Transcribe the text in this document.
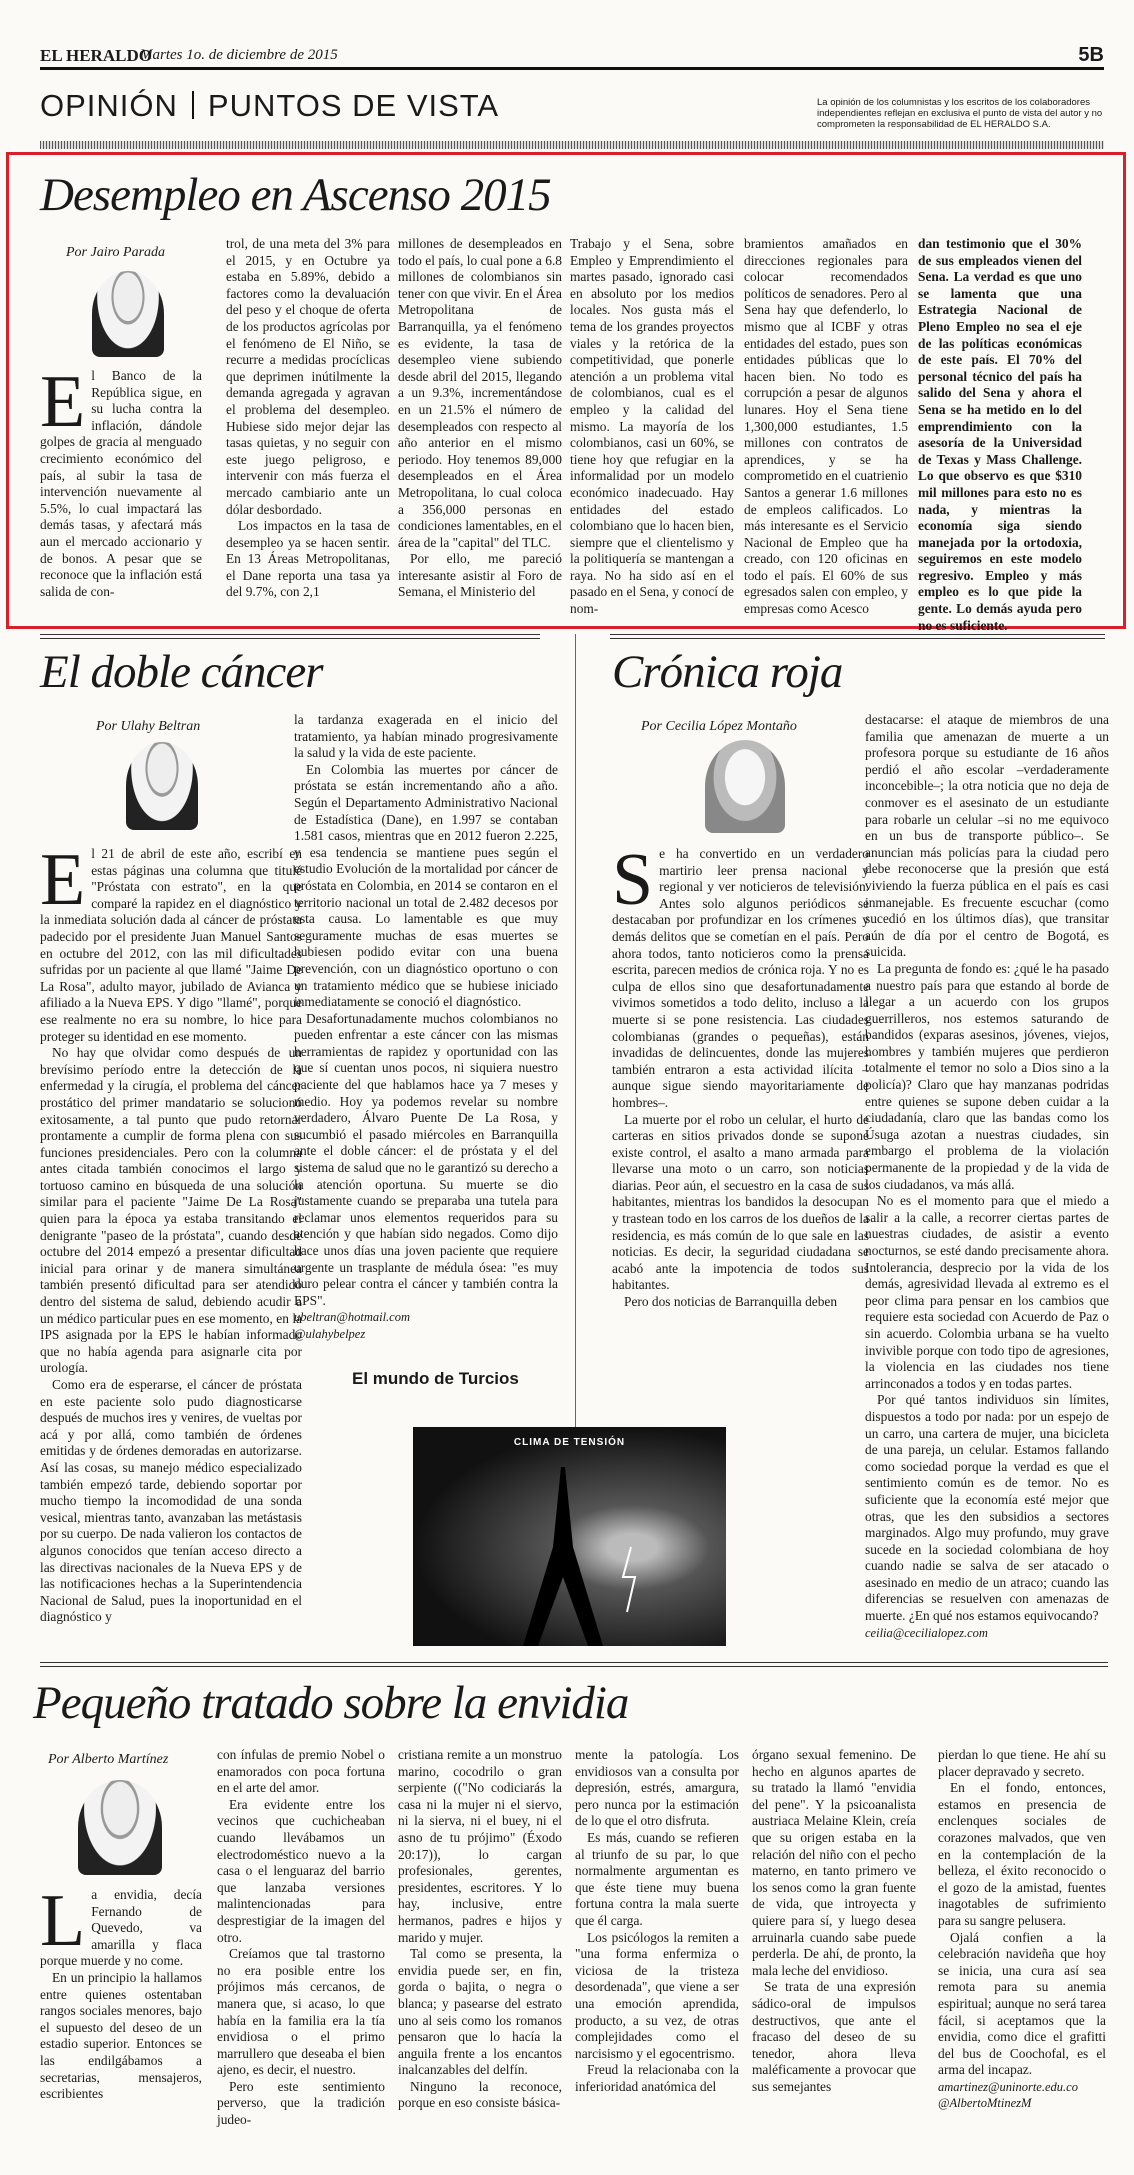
EL HERALDO
Martes 1o. de diciembre de 2015	5B
OPINIÓN PUNTOS DE VISTA	La opinión de los columnistas y los escritos de los colaboradores independientes reflejan en exclusiva el punto de vista del autor y no comprometen la responsabilidad de EL HERALDO S.A.
Desempleo en Ascenso 2015
Por Jairo Parada

El Banco de la República sigue, en su lucha contra la inflación, dándole golpes de gracia al menguado crecimiento económico del país, al subir la tasa de intervención nuevamente al 5.5%, lo cual impactará las demás tasas, y afectará más aun el mercado accionario y de bonos. A pesar que se reconoce que la inflación está salida de con-

trol, de una meta del 3% para el 2015, y en Octubre ya estaba en 5.89%, debido a factores como la devaluación del peso y el choque de oferta de los productos agrícolas por el fenómeno de El Niño, se recurre a medidas procíclicas que deprimen inútilmente la demanda agregada y agravan el problema del desempleo. Hubiese sido mejor dejar las tasas quietas, y no seguir con este juego peligroso, e intervenir con más fuerza el mercado cambiario ante un dólar desbordado.

Los impactos en la tasa de desempleo ya se hacen sentir. En 13 Áreas Metropolitanas, el Dane reporta una tasa ya del 9.7%, con 2,1

millones de desempleados en todo el país, lo cual pone a 6.8 millones de colombianos sin tener con que vivir. En el Área Metropolitana de Barranquilla, ya el fenómeno es evidente, la tasa de desempleo viene subiendo desde abril del 2015, llegando a un 9.3%, incrementándose en un 21.5% el número de desempleados con respecto al año anterior en el mismo periodo. Hoy tenemos 89,000 desempleados en el Área Metropolitana, lo cual coloca a 356,000 personas en condiciones lamentables, en el área de la "capital" del TLC.

Por ello, me pareció interesante asistir al Foro de Semana, el Ministerio del

Trabajo y el Sena, sobre Empleo y Emprendimiento el martes pasado, ignorado casi en absoluto por los medios locales. Nos gusta más el tema de los grandes proyectos viales y la retórica de la competitividad, que ponerle atención a un problema vital de colombianos, cual es el empleo y la calidad del mismo. La mayoría de los colombianos, casi un 60%, se tiene hoy que refugiar en la informalidad por un modelo económico inadecuado. Hay entidades del estado colombiano que lo hacen bien, siempre que el clientelismo y la politiquería se mantengan a raya. No ha sido así en el pasado en el Sena, y conocí de nom-

bramientos amañados en direcciones regionales para colocar recomendados políticos de senadores. Pero al Sena hay que defenderlo, lo mismo que al ICBF y otras entidades del estado, pues son entidades públicas que lo hacen bien. No todo es corrupción a pesar de algunos lunares. Hoy el Sena tiene 1,300,000 estudiantes, 1.5 millones con contratos de aprendices, y se ha comprometido en el cuatrienio Santos a generar 1.6 millones de empleos calificados. Lo más interesante es el Servicio Nacional de Empleo que ha creado, con 120 oficinas en todo el país. El 60% de sus egresados salen con empleo, y empresas como Acesco

dan testimonio que el 30% de sus empleados vienen del Sena. La verdad es que uno se lamenta que una Estrategia Nacional de Pleno Empleo no sea el eje de las políticas económicas de este país. El 70% del personal técnico del país ha salido del Sena y ahora el Sena se ha metido en lo del emprendimiento con la asesoría de la Universidad de Texas y Mass Challenge. Lo que observo es que $310 mil millones para esto no es nada, y mientras la economía siga siendo manejada por la ortodoxia, seguiremos en este modelo regresivo. Empleo y más empleo es lo que pide la gente. Lo demás ayuda pero no es suficiente.

El doble cáncer
Por Ulahy Beltran

El 21 de abril de este año, escribí en estas páginas una columna que titulé "Próstata con estrato", en la que comparé la rapidez en el diagnóstico y la inmediata solución dada al cáncer de próstata padecido por el presidente Juan Manuel Santos en octubre del 2012, con las mil dificultades sufridas por un paciente al que llamé "Jaime De La Rosa", adulto mayor, jubilado de Avianca y afiliado a la Nueva EPS. Y digo "llamé", porque ese realmente no era su nombre, lo hice para proteger su identidad en ese momento.

No hay que olvidar como después de un brevísimo período entre la detección de la enfermedad y la cirugía, el problema del cáncer prostático del primer mandatario se solucionó exitosamente, a tal punto que pudo retornar prontamente a cumplir de forma plena con sus funciones presidenciales. Pero con la columna antes citada también conocimos el largo y tortuoso camino en búsqueda de una solución similar para el paciente "Jaime De La Rosa" quien para la época ya estaba transitando el denigrante "paseo de la próstata", cuando desde octubre del 2014 empezó a presentar dificultad inicial para orinar y de manera simultánea también presentó dificultad para ser atendido dentro del sistema de salud, debiendo acudir a un médico particular pues en ese momento, en la IPS asignada por la EPS le habían informado que no había agenda para asignarle cita por urología.

Como era de esperarse, el cáncer de próstata en este paciente solo pudo diagnosticarse después de muchos ires y venires, de vueltas por acá y por allá, como también de órdenes emitidas y de órdenes demoradas en autorizarse. Así las cosas, su manejo médico especializado también empezó tarde, debiendo soportar por mucho tiempo la incomodidad de una sonda vesical, mientras tanto, avanzaban las metástasis por su cuerpo. De nada valieron los contactos de algunos conocidos que tenían acceso directo a las directivas nacionales de la Nueva EPS y de las notificaciones hechas a la Superintendencia Nacional de Salud, pues la inoportunidad en el diagnóstico y

la tardanza exagerada en el inicio del tratamiento, ya habían minado progresivamente la salud y la vida de este paciente.

En Colombia las muertes por cáncer de próstata se están incrementando año a año. Según el Departamento Administrativo Nacional de Estadística (Dane), en 1.997 se contaban 1.581 casos, mientras que en 2012 fueron 2.225, y esa tendencia se mantiene pues según el estudio Evolución de la mortalidad por cáncer de próstata en Colombia, en 2014 se contaron en el territorio nacional un total de 2.482 decesos por esta causa. Lo lamentable es que muy seguramente muchas de esas muertes se hubiesen podido evitar con una buena prevención, con un diagnóstico oportuno o con un tratamiento médico que se hubiese iniciado inmediatamente se conoció el diagnóstico.

Desafortunadamente muchos colombianos no pueden enfrentar a este cáncer con las mismas herramientas de rapidez y oportunidad con las que sí cuentan unos pocos, ni siquiera nuestro paciente del que hablamos hace ya 7 meses y medio. Hoy ya podemos revelar su nombre verdadero, Álvaro Puente De La Rosa, y sucumbió el pasado miércoles en Barranquilla ante el doble cáncer: el de próstata y el del sistema de salud que no le garantizó su derecho a la atención oportuna. Su muerte se dio justamente cuando se preparaba una tutela para reclamar unos elementos requeridos para su atención y que habían sido negados. Como dijo hace unos días una joven paciente que requiere urgente un trasplante de médula ósea: "es muy duro pelear contra el cáncer y también contra la EPS".

ubeltran@hotmail.com

@ulahybelpez

El mundo de Turcios
CLIMA DE TENSIÓN
Crónica roja
Por Cecilia López Montaño

Se ha convertido en un verdadero martirio leer prensa nacional y regional y ver noticieros de televisión. Antes solo algunos periódicos se destacaban por profundizar en los crímenes y demás delitos que se cometían en el país. Pero ahora todos, tanto noticieros como la prensa escrita, parecen medios de crónica roja. Y no es culpa de ellos sino que desafortunadamente vivimos sometidos a todo delito, incluso a la muerte si se pone resistencia. Las ciudades colombianas (grandes o pequeñas), están invadidas de delincuentes, donde las mujeres también entraron a esta actividad ilícita – aunque sigue siendo mayoritariamente de hombres–.

La muerte por el robo un celular, el hurto de carteras en sitios privados donde se supone existe control, el asalto a mano armada para llevarse una moto o un carro, son noticias diarias. Peor aún, el secuestro en la casa de sus habitantes, mientras los bandidos la desocupan y trastean todo en los carros de los dueños de la residencia, es más común de lo que sale en las noticias. Es decir, la seguridad ciudadana se acabó ante la impotencia de todos sus habitantes.

Pero dos noticias de Barranquilla deben

destacarse: el ataque de miembros de una familia que amenazan de muerte a un profesora porque su estudiante de 16 años perdió el año escolar –verdaderamente inconcebible–; la otra noticia que no deja de conmover es el asesinato de un estudiante para robarle un celular –si no me equivoco en un bus de transporte público–. Se anuncian más policías para la ciudad pero debe reconocerse que la presión que está viviendo la fuerza pública en el país es casi inmanejable. Es frecuente escuchar (como sucedió en los últimos días), que transitar aún de día por el centro de Bogotá, es suicida.

La pregunta de fondo es: ¿qué le ha pasado a nuestro país para que estando al borde de llegar a un acuerdo con los grupos guerrilleros, nos estemos saturando de bandidos (exparas asesinos, jóvenes, viejos, hombres y también mujeres que perdieron totalmente el temor no solo a Dios sino a la policía)? Claro que hay manzanas podridas entre quienes se supone deben cuidar a la ciudadanía, claro que las bandas como los Úsuga azotan a nuestras ciudades, sin embargo el problema de la violación permanente de la propiedad y de la vida de los ciudadanos, va más allá.

No es el momento para que el miedo a salir a la calle, a recorrer ciertas partes de nuestras ciudades, de asistir a evento nocturnos, se esté dando precisamente ahora. Intolerancia, desprecio por la vida de los demás, agresividad llevada al extremo es el peor clima para pensar en los cambios que requiere esta sociedad con Acuerdo de Paz o sin acuerdo. Colombia urbana se ha vuelto invivible porque con todo tipo de agresiones, la violencia en las ciudades nos tiene arrinconados a todos y en todas partes.

Por qué tantos individuos sin límites, dispuestos a todo por nada: por un espejo de un carro, una cartera de mujer, una bicicleta de una pareja, un celular. Estamos fallando como sociedad porque la verdad es que el sentimiento común es de temor. No es suficiente que la economía esté mejor que otras, que les den subsidios a sectores marginados. Algo muy profundo, muy grave sucede en la sociedad colombiana de hoy cuando nadie se salva de ser atacado o asesinado en medio de un atraco; cuando las diferencias se resuelven con amenazas de muerte. ¿En qué nos estamos equivocando?

ceilia@cecilialopez.com

Pequeño tratado sobre la envidia
Por Alberto Martínez

La envidia, decía Fernando de Quevedo, va amarilla y flaca porque muerde y no come.

En un principio la hallamos entre quienes ostentaban rangos sociales menores, bajo el supuesto del deseo de un estadio superior. Entonces se las endilgábamos a secretarias, mensajeros, escribientes

con ínfulas de premio Nobel o enamorados con poca fortuna en el arte del amor.

Era evidente entre los vecinos que cuchicheaban cuando llevábamos un electrodoméstico nuevo a la casa o el lenguaraz del barrio que lanzaba versiones malintencionadas para desprestigiar de la imagen del otro.

Creíamos que tal trastorno no era posible entre los prójimos más cercanos, de manera que, si acaso, lo que había en la familia era la tía envidiosa o el primo marrullero que deseaba el bien ajeno, es decir, el nuestro.

Pero este sentimiento perverso, que la tradición judeo-

cristiana remite a un monstruo marino, cocodrilo o gran serpiente (("No codiciarás la casa ni la mujer ni el siervo, ni la sierva, ni el buey, ni el asno de tu prójimo" (Éxodo 20:17)), lo cargan profesionales, gerentes, presidentes, escritores. Y lo hay, inclusive, entre hermanos, padres e hijos y marido y mujer.

Tal como se presenta, la envidia puede ser, en fin, gorda o bajita, o negra o blanca; y pasearse del estrato uno al seis como los romanos pensaron que lo hacía la anguila frente a los encantos inalcanzables del delfín.

Ninguno la reconoce, porque en eso consiste básica-

mente la patología. Los envidiosos van a consulta por depresión, estrés, amargura, pero nunca por la estimación de lo que el otro disfruta.

Es más, cuando se refieren al triunfo de su par, lo que normalmente argumentan es que éste tiene muy buena fortuna contra la mala suerte que él carga.

Los psicólogos la remiten a "una forma enfermiza o viciosa de la tristeza desordenada", que viene a ser una emoción aprendida, producto, a su vez, de otras complejidades como el narcisismo y el egocentrismo.

Freud la relacionaba con la inferioridad anatómica del

órgano sexual femenino. De hecho en algunos apartes de su tratado la llamó "envidia del pene". Y la psicoanalista austriaca Melaine Klein, creía que su origen estaba en la relación del niño con el pecho materno, en tanto primero ve los senos como la gran fuente de vida, que introyecta y quiere para sí, y luego desea arruinarla cuando sabe puede perderla. De ahí, de pronto, la mala leche del envidioso.

Se trata de una expresión sádico-oral de impulsos destructivos, que ante el fracaso del deseo de su tenedor, ahora lleva maléficamente a provocar que sus semejantes

pierdan lo que tiene. He ahí su placer depravado y secreto.

En el fondo, entonces, estamos en presencia de enclenques sociales de corazones malvados, que ven en la contemplación de la belleza, el éxito reconocido o el gozo de la amistad, fuentes inagotables de sufrimiento para su sangre pelusera.

Ojalá confien a la celebración navideña que hoy se inicia, una cura así sea remota para su anemia espiritual; aunque no será tarea fácil, si aceptamos que la envidia, como dice el grafitti del bus de Coochofal, es el arma del incapaz.

amartinez@uninorte.edu.co

@AlbertoMtinezM
